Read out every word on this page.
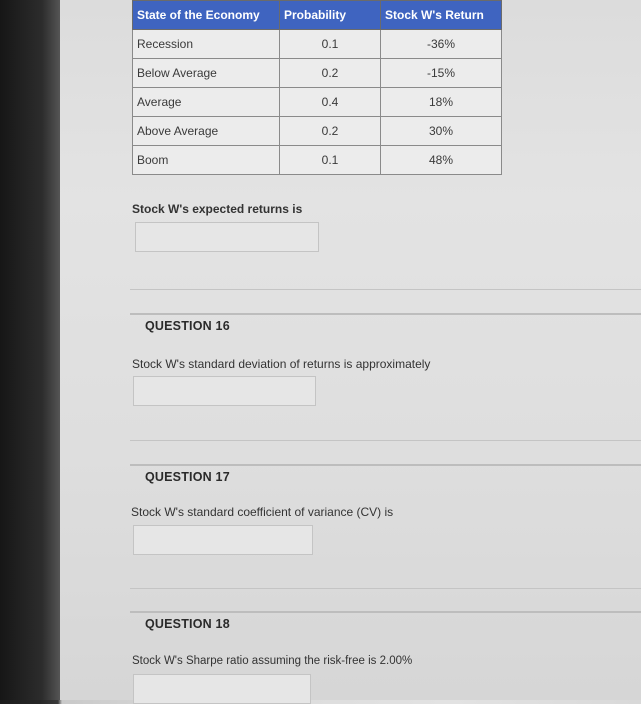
State of the Economy	Probability	Stock W's Return
Recession	0.1	-36%
Below Average	0.2	-15%
Average	0.4	18%
Above Average	0.2	30%
Boom	0.1	48%
Stock W's expected returns is
QUESTION 16
Stock W's standard deviation of returns is approximately
QUESTION 17
Stock W's standard coefficient of variance (CV) is
QUESTION 18
Stock W's Sharpe ratio assuming the risk-free is 2.00%
